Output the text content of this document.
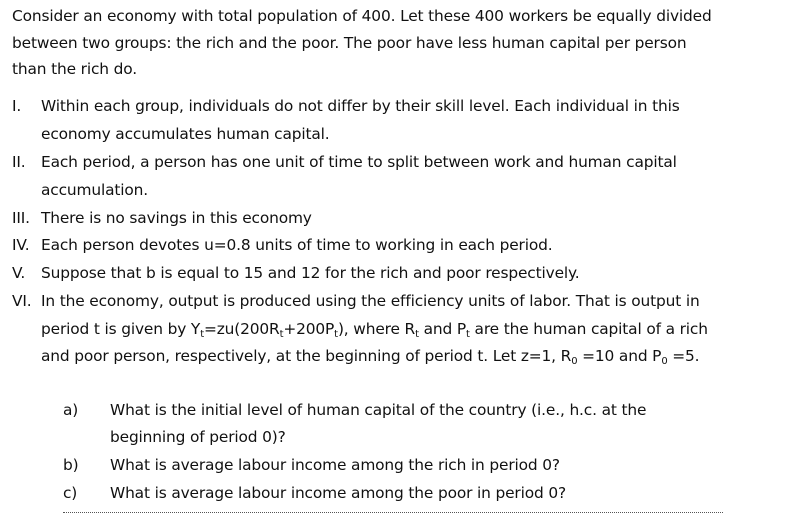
Consider an economy with total population of 400. Let these 400 workers be equally divided
between two groups: the rich and the poor. The poor have less human capital per person
than the rich do.
I. Within each group, individuals do not differ by their skill level. Each individual in this
economy accumulates human capital.
II. Each period, a person has one unit of time to split between work and human capital
accumulation.
III. There is no savings in this economy
IV. Each person devotes u=0.8 units of time to working in each period.
V. Suppose that b is equal to 15 and 12 for the rich and poor respectively.
VI. In the economy, output is produced using the efficiency units of labor. That is output in
period t is given by Yt=zu(200Rt+200Pt), where Rt and Pt are the human capital of a rich
and poor person, respectively, at the beginning of period t. Let z=1, R0 =10 and P0 =5.
a) What is the initial level of human capital of the country (i.e., h.c. at the
beginning of period 0)?
b) What is average labour income among the rich in period 0?
c) What is average labour income among the poor in period 0?
